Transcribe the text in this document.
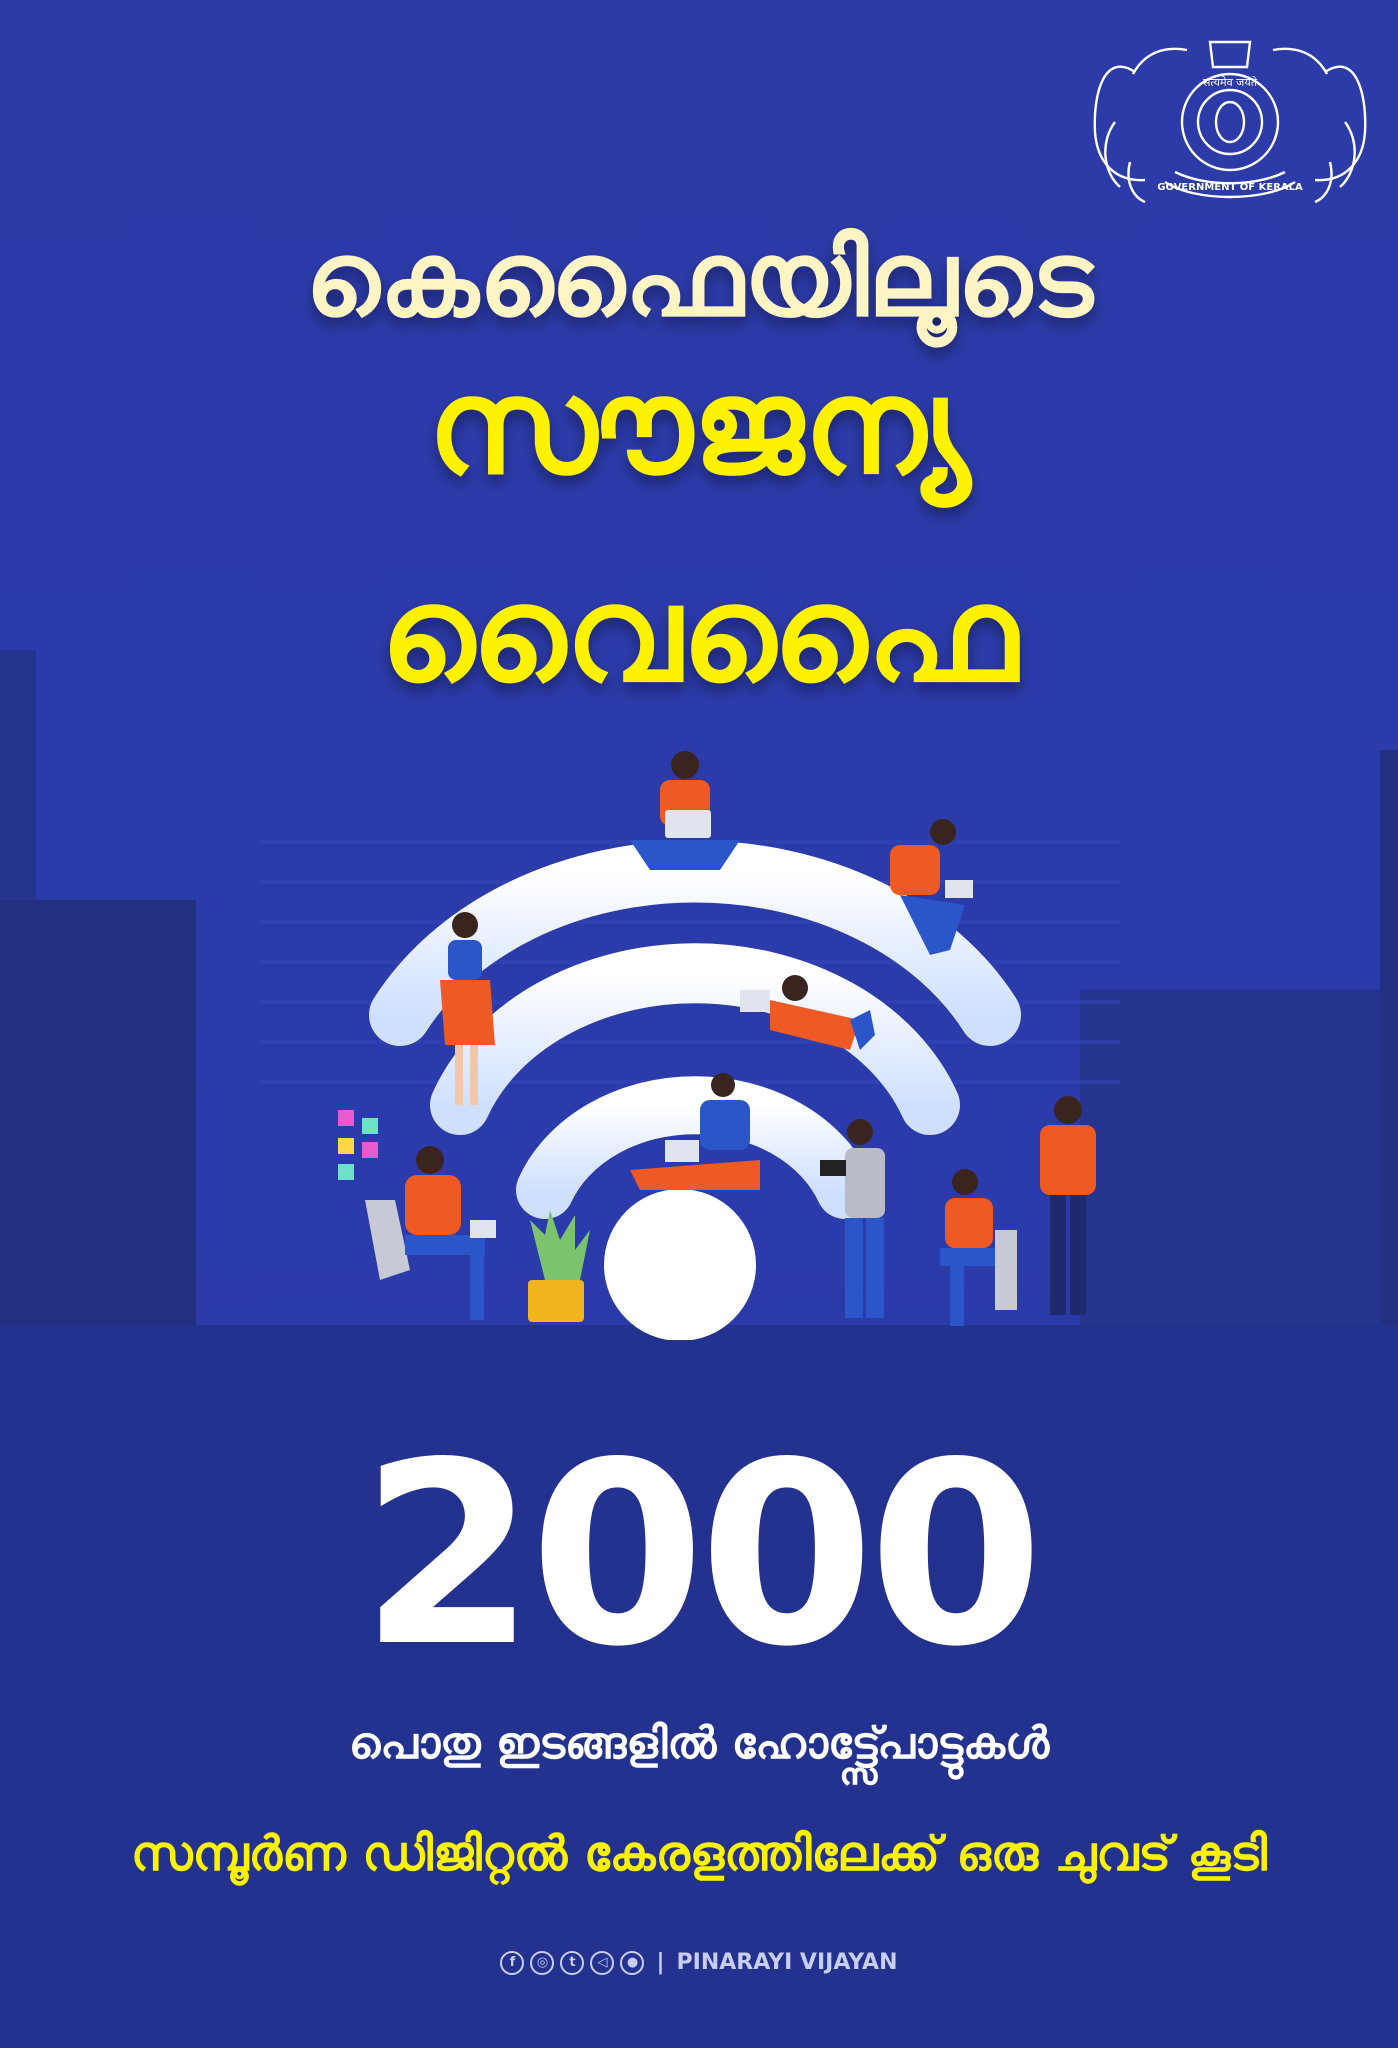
सत्यमेव जयते
GOVERNMENT OF KERALA
കെഫൈയിലൂടെ
സൗജന്യ
വൈഫൈ
2000
പൊതു ഇടങ്ങളിൽ ഹോട്ട്സ്പോട്ടുകൾ
സമ്പൂർണ ഡിജിറ്റൽ കേരളത്തിലേക്ക് ഒരു ചുവട് കൂടി
f	◎	t	◁	● | PINARAYI VIJAYAN
